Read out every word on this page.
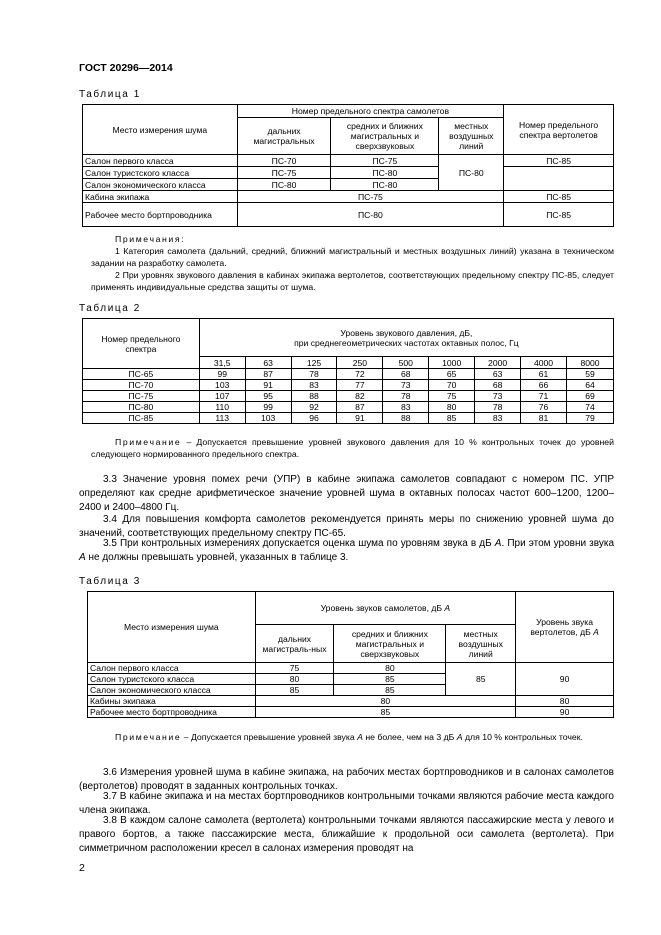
ГОСТ 20296—2014
Таблица 1
Место измерения шума	Номер предельного спектра самолетов			Номер предельного спектра вертолетов
	дальних магистральных	средних и ближних магистральных и сверхзвуковых	местных воздушных линий	
Салон первого класса	ПС-70	ПС-75	ПС-80	ПС-85
Салон туристского класса	ПС-75	ПС-80		
Салон экономического класса	ПС-80	ПС-80		
Кабина экипажа	ПС-75			ПС-85
Рабочее место бортпроводника	ПС-80			ПС-85
Примечания:
1 Категория самолета (дальний, средний, ближний магистральный и местных воздушных линий) указана в техническом задании на разработку самолета.
2 При уровнях звукового давления в кабинах экипажа вертолетов, соответствующих предельному спектру ПС-85, следует применять индивидуальные средства защиты от шума.
Таблица 2
Номер предельного спектра	Уровень звукового давления, дБ,
при среднегеометрических частотах октавных полос, Гц								

	31,5	63	125	250	500	1000	2000	4000	8000
ПС-65	99	87	78	72	68	65	63	61	59
ПС-70	103	91	83	77	73	70	68	66	64
ПС-75	107	95	88	82	78	75	73	71	69
ПС-80	110	99	92	87	83	80	78	76	74
ПС-85	113	103	96	91	88	85	83	81	79
Примечание – Допускается превышение уровней звукового давления для 10 % контрольных точек до уровней следующего нормированного предельного спектра.
3.3 Значение уровня помех речи (УПР) в кабине экипажа самолетов совпадают с номером ПС. УПР определяют как средне арифметическое значение уровней шума в октавных полосах частот 600–1200, 1200–2400 и 2400–4800 Гц.
3.4 Для повышения комфорта самолетов рекомендуется принять меры по снижению уровней шума до значений, соответствующих предельному спектру ПС-65.
3.5 При контрольных измерениях допускается оценка шума по уровням звука в дБ А. При этом уровни звука А не должны превышать уровней, указанных в таблице 3.
Таблица 3
Место измерения шума	Уровень звуков самолетов, дБ А			Уровень звука вертолетов, дБ А
	дальних магистраль-ных	средних и ближних магистральных и сверхзвуковых	местных воздушных линий	
Салон первого класса	75	80	85	90
Салон туристского класса	80	85		
Салон экономического класса	85	85		
Кабины экипажа	80			80
Рабочее место бортпроводника	85			90
Примечание – Допускается превышение уровней звука А не более, чем на 3 дБ А для 10 % контрольных точек.
3.6 Измерения уровней шума в кабине экипажа, на рабочих местах бортпроводников и в салонах самолетов (вертолетов) проводят в заданных контрольных точках.
3.7 В кабине экипажа и на местах бортпроводников контрольными точками являются рабочие места каждого члена экипажа.
3.8 В каждом салоне самолета (вертолета) контрольными точками являются пассажирские места у левого и правого бортов, а также пассажирские места, ближайшие к продольной оси самолета (вертолета). При симметричном расположении кресел в салонах измерения проводят на
2
